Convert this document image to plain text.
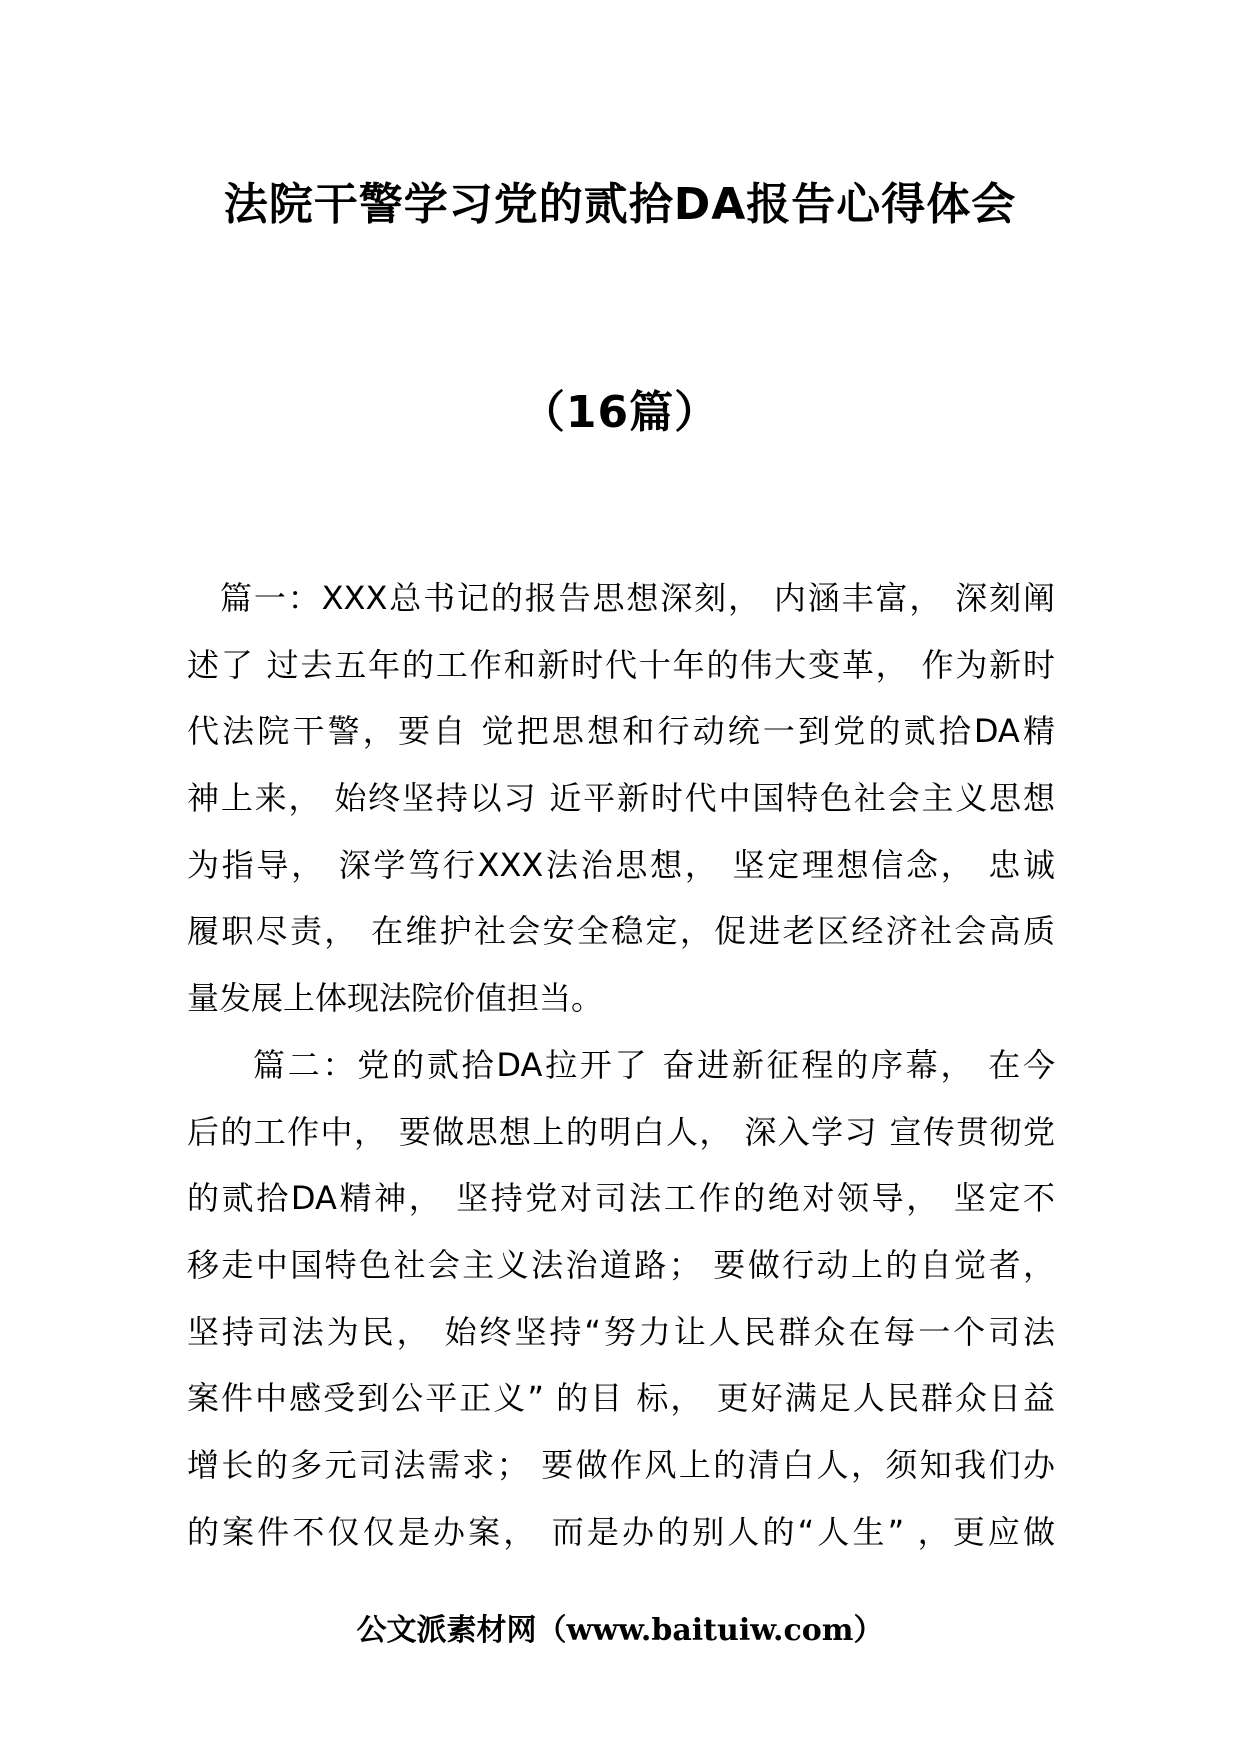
法院干警学习党的贰拾DA报告心得体会
（16篇）
篇一：XXX总书记的报告思想深刻， 内涵丰富， 深刻阐
述了 过去五年的工作和新时代十年的伟大变革， 作为新时
代法院干警，要自 觉把思想和行动统一到党的贰拾DA精
神上来， 始终坚持以习 近平新时代中国特色社会主义思想
为指导， 深学笃行XXX法治思想， 坚定理想信念， 忠诚
履职尽责， 在维护社会安全稳定，促进老区经济社会高质
量发展上体现法院价值担当。
篇二：党的贰拾DA拉开了 奋进新征程的序幕， 在今
后的工作中， 要做思想上的明白人， 深入学习 宣传贯彻党
的贰拾DA精神， 坚持党对司法工作的绝对领导， 坚定不
移走中国特色社会主义法治道路； 要做行动上的自觉者，
坚持司法为民， 始终坚持“努力让人民群众在每一个司法
案件中感受到公平正义” 的目 标， 更好满足人民群众日益
增长的多元司法需求； 要做作风上的清白人，须知我们办
的案件不仅仅是办案， 而是办的别人的“人生” ，更应做
公文派素材网（www.baituiw.com）
